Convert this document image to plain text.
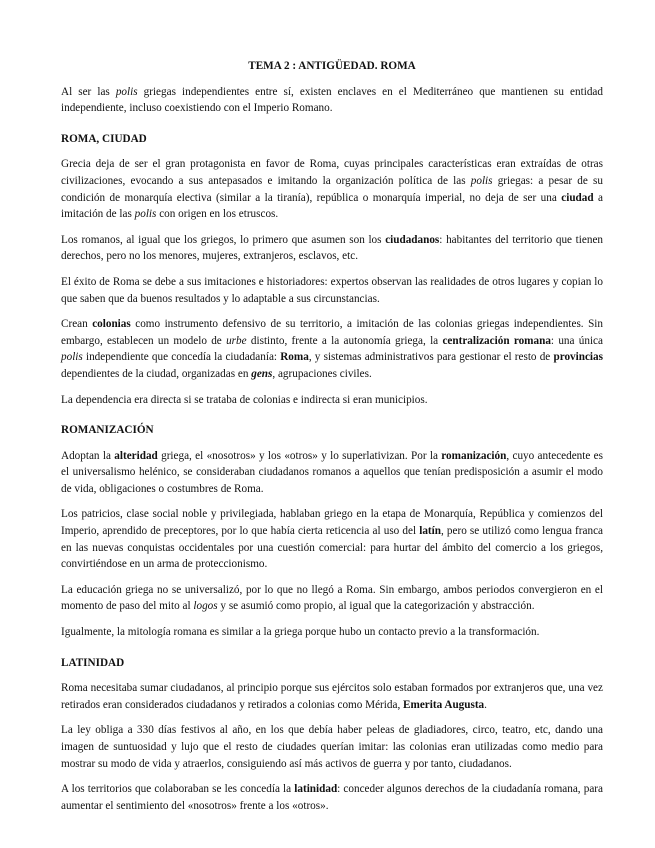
TEMA 2 : ANTIGÜEDAD. ROMA

Al ser las polis griegas independientes entre sí, existen enclaves en el Mediterráneo que mantienen su entidad independiente, incluso coexistiendo con el Imperio Romano.

ROMA, CIUDAD

Grecia deja de ser el gran protagonista en favor de Roma, cuyas principales características eran extraídas de otras civilizaciones, evocando a sus antepasados e imitando la organización política de las polis griegas: a pesar de su condición de monarquía electiva (similar a la tiranía), república o monarquía imperial, no deja de ser una ciudad a imitación de las polis con origen en los etruscos.

Los romanos, al igual que los griegos, lo primero que asumen son los ciudadanos: habitantes del territorio que tienen derechos, pero no los menores, mujeres, extranjeros, esclavos, etc.

El éxito de Roma se debe a sus imitaciones e historiadores: expertos observan las realidades de otros lugares y copian lo que saben que da buenos resultados y lo adaptable a sus circunstancias.

Crean colonias como instrumento defensivo de su territorio, a imitación de las colonias griegas independientes. Sin embargo, establecen un modelo de urbe distinto, frente a la autonomía griega, la centralización romana: una única polis independiente que concedía la ciudadanía: Roma, y sistemas administrativos para gestionar el resto de provincias dependientes de la ciudad, organizadas en gens, agrupaciones civiles.

La dependencia era directa si se trataba de colonias e indirecta si eran municipios.

ROMANIZACIÓN

Adoptan la alteridad griega, el «nosotros» y los «otros» y lo superlativizan. Por la romanización, cuyo antecedente es el universalismo helénico, se consideraban ciudadanos romanos a aquellos que tenían predisposición a asumir el modo de vida, obligaciones o costumbres de Roma.

Los patricios, clase social noble y privilegiada, hablaban griego en la etapa de Monarquía, República y comienzos del Imperio, aprendido de preceptores, por lo que había cierta reticencia al uso del latín, pero se utilizó como lengua franca en las nuevas conquistas occidentales por una cuestión comercial: para hurtar del ámbito del comercio a los griegos, convirtiéndose en un arma de proteccionismo.

La educación griega no se universalizó, por lo que no llegó a Roma. Sin embargo, ambos periodos convergieron en el momento de paso del mito al logos y se asumió como propio, al igual que la categorización y abstracción.

Igualmente, la mitología romana es similar a la griega porque hubo un contacto previo a la transformación.

LATINIDAD

Roma necesitaba sumar ciudadanos, al principio porque sus ejércitos solo estaban formados por extranjeros que, una vez retirados eran considerados ciudadanos y retirados a colonias como Mérida, Emerita Augusta.

La ley obliga a 330 días festivos al año, en los que debía haber peleas de gladiadores, circo, teatro, etc, dando una imagen de suntuosidad y lujo que el resto de ciudades querían imitar: las colonias eran utilizadas como medio para mostrar su modo de vida y atraerlos, consiguiendo así más activos de guerra y por tanto, ciudadanos.

A los territorios que colaboraban se les concedía la latinidad: conceder algunos derechos de la ciudadanía romana, para aumentar el sentimiento del «nosotros» frente a los «otros».
